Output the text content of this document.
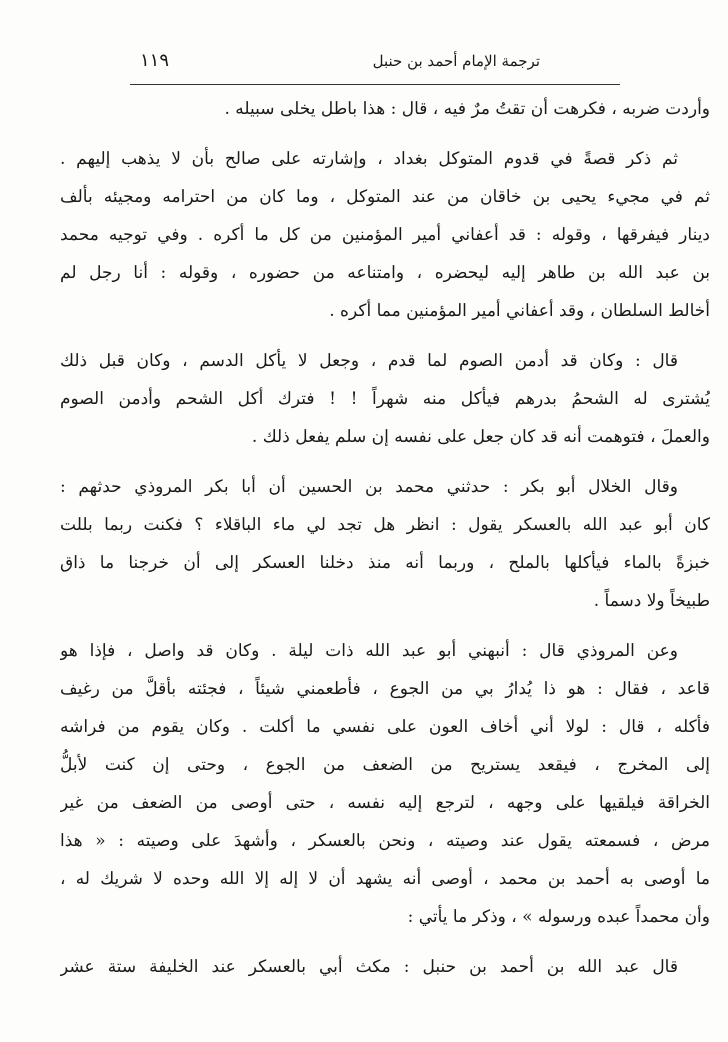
ترجمة الإمام أحمد بن حنبل
١١٩

وأردت ضربه ، فكرهت أن تقتُ مرٌ فيه ، قال : هذا باطل يخلى سبيله .

ثم ذكر قصةً في قدوم المتوكل بغداد ، وإشارته على صالح بأن لا يذهب إليهم .
ثم في مجيء يحيى بن خاقان من عند المتوكل ، وما كان من احترامه ومجيئه بألف
دينار فيفرقها ، وقوله : قد أعفاني أمير المؤمنين من كل ما أكره . وفي توجيه محمد
بن عبد الله بن طاهر إليه ليحضره ، وامتناعه من حضوره ، وقوله : أنا رجل لم
أخالط السلطان ، وقد أعفاني أمير المؤمنين مما أكره .

قال : وكان قد أدمن الصوم لما قدم ، وجعل لا يأكل الدسم ، وكان قبل ذلك
يُشترى له الشحمُ بدرهم فيأكل منه شهراً ! ! فترك أكل الشحم وأدمن الصوم
والعملَ ، فتوهمت أنه قد كان جعل على نفسه إن سلم يفعل ذلك .

وقال الخلال أبو بكر : حدثني محمد بن الحسين أن أبا بكر المروذي حدثهم :
كان أبو عبد الله بالعسكر يقول : انظر هل تجد لي ماء الباقلاء ؟ فكنت ربما بللت
خبزةً بالماء فيأكلها بالملح ، وربما أنه منذ دخلنا العسكر إلى أن خرجنا ما ذاق
طبيخاً ولا دسماً .

وعن المروذي قال : أنبهني أبو عبد الله ذات ليلة . وكان قد واصل ، فإذا هو
قاعد ، فقال : هو ذا يُدارُ بي من الجوع ، فأطعمني شيئاً ، فجئته بأقلَّ من رغيف
فأكله ، قال : لولا أني أخاف العون على نفسي ما أكلت . وكان يقوم من فراشه
إلى المخرج ، فيقعد يستريح من الضعف من الجوع ، وحتى إن كنت لأبلُّ
الخراقة فيلقيها على وجهه ، لترجع إليه نفسه ، حتى أوصى من الضعف من غير
مرض ، فسمعته يقول عند وصيته ، ونحن بالعسكر ، وأشهدَ على وصيته : « هذا
ما أوصى به أحمد بن محمد ، أوصى أنه يشهد أن لا إله إلا الله وحده لا شريك له ،
وأن محمداً عبده ورسوله » ، وذكر ما يأتي :

قال عبد الله بن أحمد بن حنبل : مكث أبي بالعسكر عند الخليفة ستة عشر
